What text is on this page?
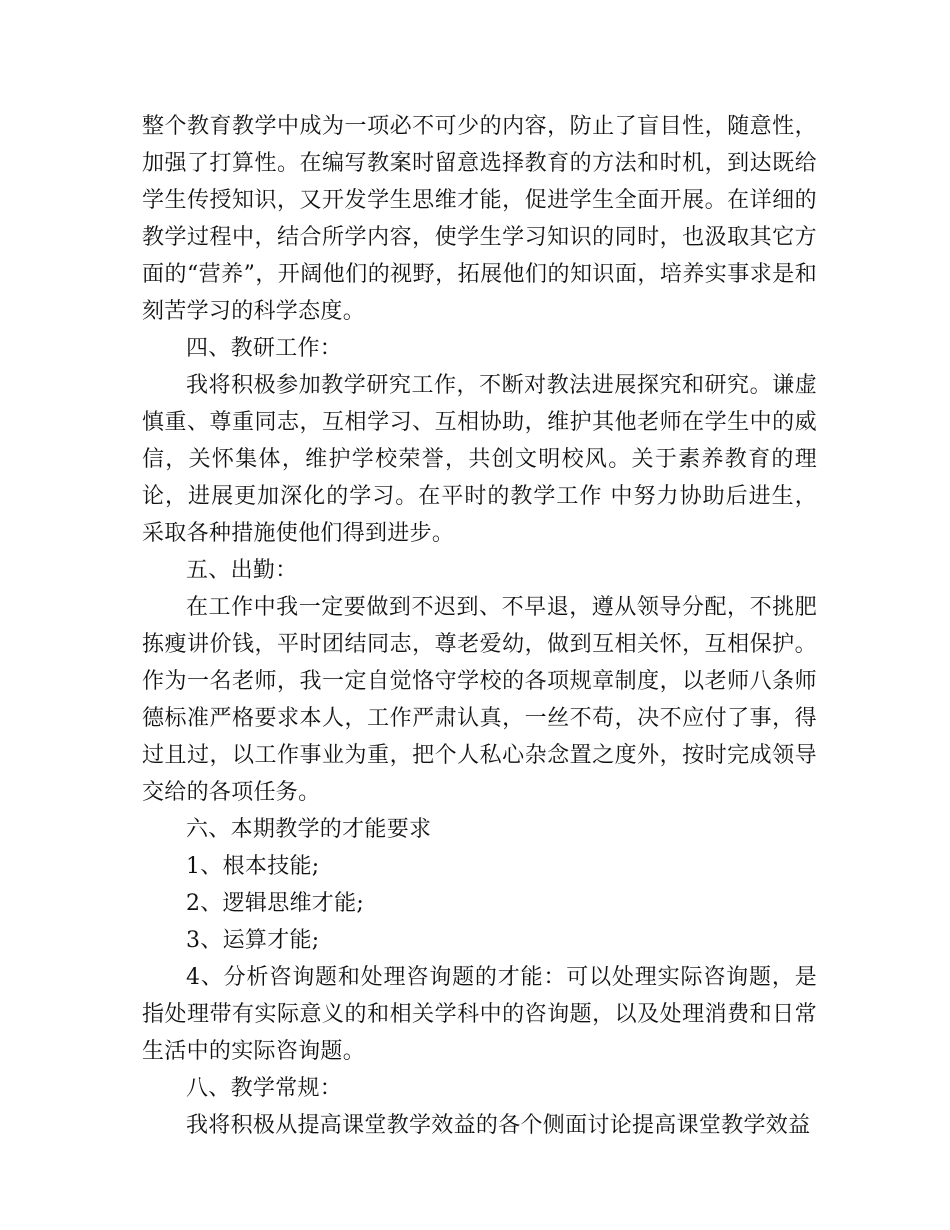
整个教育教学中成为一项必不可少的内容，防止了盲目性，随意性，加强了打算性。在编写教案时留意选择教育的方法和时机，到达既给学生传授知识，又开发学生思维才能，促进学生全面开展。在详细的教学过程中，结合所学内容，使学生学习知识的同时，也汲取其它方面的“营养”，开阔他们的视野，拓展他们的知识面，培养实事求是和刻苦学习的科学态度。

四、教研工作：

我将积极参加教学研究工作，不断对教法进展探究和研究。谦虚慎重、尊重同志，互相学习、互相协助，维护其他老师在学生中的威信，关怀集体，维护学校荣誉，共创文明校风。关于素养教育的理论，进展更加深化的学习。在平时的教学工作 中努力协助后进生，采取各种措施使他们得到进步。

五、出勤：

在工作中我一定要做到不迟到、不早退，遵从领导分配，不挑肥拣瘦讲价钱，平时团结同志，尊老爱幼，做到互相关怀，互相保护。作为一名老师，我一定自觉恪守学校的各项规章制度，以老师八条师德标准严格要求本人，工作严肃认真，一丝不苟，决不应付了事，得过且过，以工作事业为重，把个人私心杂念置之度外，按时完成领导交给的各项任务。

六、本期教学的才能要求

1、根本技能;

2、逻辑思维才能;

3、运算才能;

4、分析咨询题和处理咨询题的才能：可以处理实际咨询题，是指处理带有实际意义的和相关学科中的咨询题，以及处理消费和日常生活中的实际咨询题。

八、教学常规：

我将积极从提高课堂教学效益的各个侧面讨论提高课堂教学效益
